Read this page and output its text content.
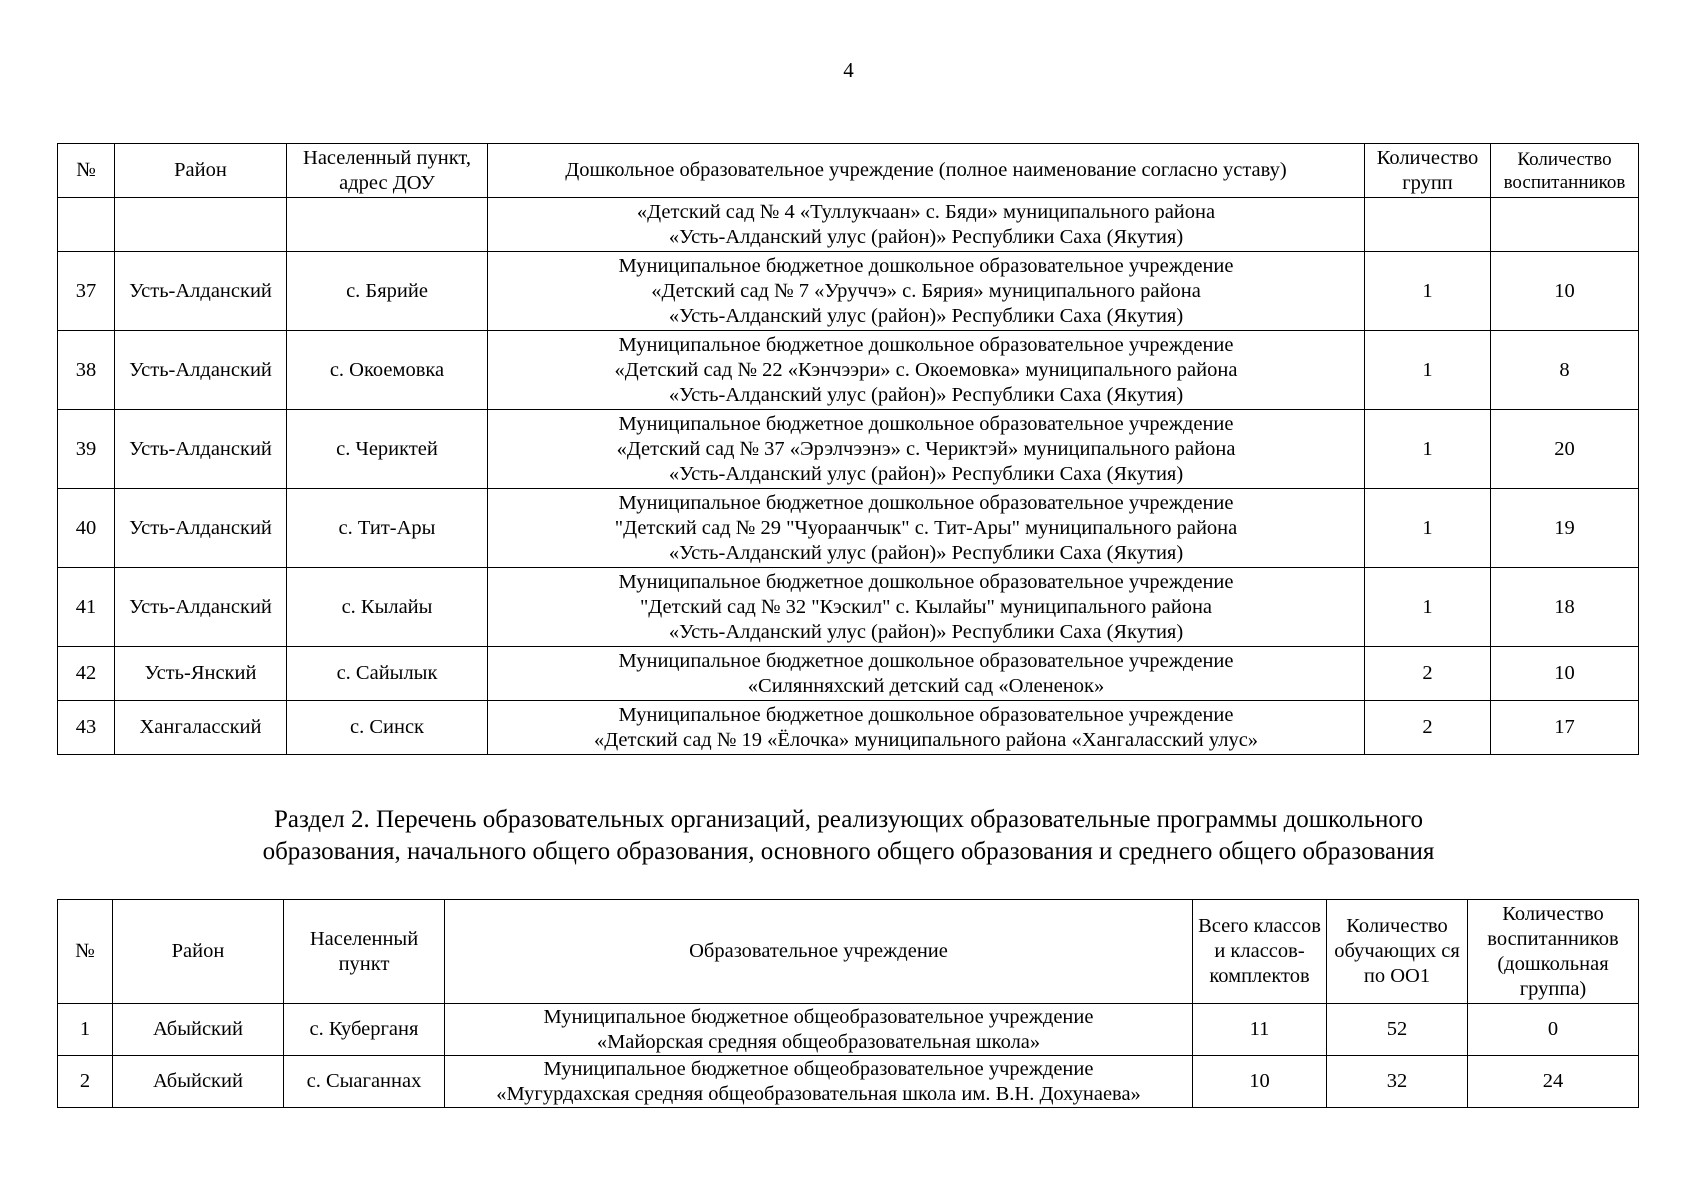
4
№	Район	Населенный пункт, адрес ДОУ	Дошкольное образовательное учреждение (полное наименование согласно уставу)	Количество групп	Количество воспитанников

			«Детский сад № 4 «Туллукчаан» с. Бяди» муниципального района
«Усть-Алданский улус (район)» Республики Саха (Якутия)		

37	Усть-Алданский	с. Бярийе	Муниципальное бюджетное дошкольное образовательное учреждение
«Детский сад № 7 «Уруччэ» с. Бярия» муниципального района
«Усть-Алданский улус (район)» Республики Саха (Якутия)	1	10
38	Усть-Алданский	с. Окоемовка	Муниципальное бюджетное дошкольное образовательное учреждение
«Детский сад № 22 «Кэнчээри» с. Окоемовка» муниципального района
«Усть-Алданский улус (район)» Республики Саха (Якутия)	1	8
39	Усть-Алданский	с. Чериктей	Муниципальное бюджетное дошкольное образовательное учреждение
«Детский сад № 37 «Эрэлчээнэ» с. Чериктэй» муниципального района
«Усть-Алданский улус (район)» Республики Саха (Якутия)	1	20
40	Усть-Алданский	с. Тит-Ары	Муниципальное бюджетное дошкольное образовательное учреждение
"Детский сад № 29 "Чуораанчык" с. Тит-Ары" муниципального района
«Усть-Алданский улус (район)» Республики Саха (Якутия)	1	19
41	Усть-Алданский	с. Кылайы	Муниципальное бюджетное дошкольное образовательное учреждение
"Детский сад № 32 "Кэскил" с. Кылайы" муниципального района
«Усть-Алданский улус (район)» Республики Саха (Якутия)	1	18
42	Усть-Янский	с. Сайылык	Муниципальное бюджетное дошкольное образовательное учреждение
«Силянняхский детский сад «Олененок»	2	10
43	Хангаласский	с. Синск	Муниципальное бюджетное дошкольное образовательное учреждение
«Детский сад № 19 «Ёлочка» муниципального района «Хангаласский улус»	2	17
Раздел 2. Перечень образовательных организаций, реализующих образовательные программы дошкольного
образования, начального общего образования, основного общего образования и среднего общего образования
№	Район	Населенный пункт	Образовательное учреждение	Всего классов и классов-комплектов	Количество обучающих ся по ОО1	Количество воспитанников (дошкольная группа)
1	Абыйский	с. Куберганя	Муниципальное бюджетное общеобразовательное учреждение
«Майорская средняя общеобразовательная школа»	11	52	0
2	Абыйский	с. Сыаганнах	Муниципальное бюджетное общеобразовательное учреждение
«Мугурдахская средняя общеобразовательная школа им. В.Н. Дохунаева»	10	32	24
